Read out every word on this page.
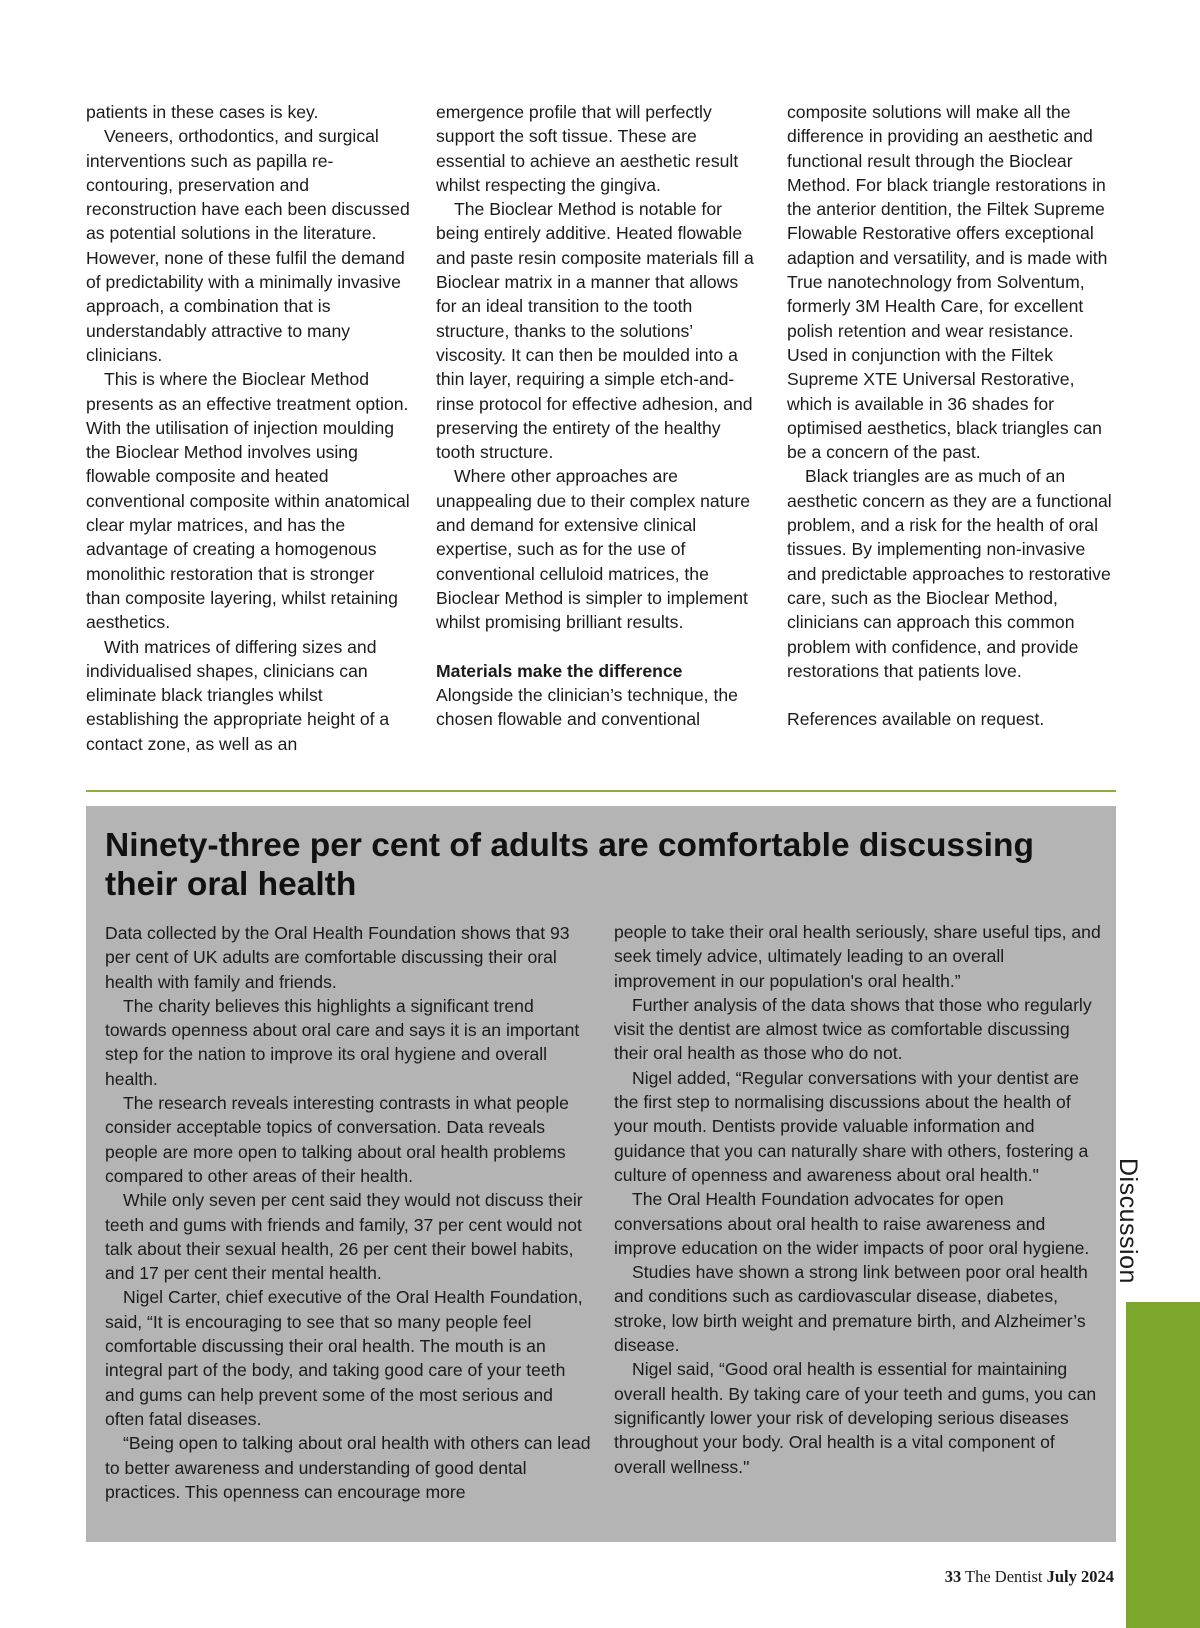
patients in these cases is key.

Veneers, orthodontics, and surgical interventions such as papilla re-contouring, preservation and reconstruction have each been discussed as potential solutions in the literature. However, none of these fulfil the demand of predictability with a minimally invasive approach, a combination that is understandably attractive to many clinicians.

This is where the Bioclear Method presents as an effective treatment option. With the utilisation of injection moulding the Bioclear Method involves using flowable composite and heated conventional composite within anatomical clear mylar matrices, and has the advantage of creating a homogenous monolithic restoration that is stronger than composite layering, whilst retaining aesthetics.

With matrices of differing sizes and individualised shapes, clinicians can eliminate black triangles whilst establishing the appropriate height of a contact zone, as well as an

emergence profile that will perfectly support the soft tissue. These are essential to achieve an aesthetic result whilst respecting the gingiva.

The Bioclear Method is notable for being entirely additive. Heated flowable and paste resin composite materials fill a Bioclear matrix in a manner that allows for an ideal transition to the tooth structure, thanks to the solutions’ viscosity. It can then be moulded into a thin layer, requiring a simple etch-and-rinse protocol for effective adhesion, and preserving the entirety of the healthy tooth structure.

Where other approaches are unappealing due to their complex nature and demand for extensive clinical expertise, such as for the use of conventional celluloid matrices, the Bioclear Method is simpler to implement whilst promising brilliant results.

Materials make the difference

Alongside the clinician’s technique, the chosen flowable and conventional

composite solutions will make all the difference in providing an aesthetic and functional result through the Bioclear Method. For black triangle restorations in the anterior dentition, the Filtek Supreme Flowable Restorative offers exceptional adaption and versatility, and is made with True nanotechnology from Solventum, formerly 3M Health Care, for excellent polish retention and wear resistance. Used in conjunction with the Filtek Supreme XTE Universal Restorative, which is available in 36 shades for optimised aesthetics, black triangles can be a concern of the past.

Black triangles are as much of an aesthetic concern as they are a functional problem, and a risk for the health of oral tissues. By implementing non-invasive and predictable approaches to restorative care, such as the Bioclear Method, clinicians can approach this common problem with confidence, and provide restorations that patients love.

References available on request.

Ninety-three per cent of adults are comfortable discussing their oral health

Data collected by the Oral Health Foundation shows that 93 per cent of UK adults are comfortable discussing their oral health with family and friends.

The charity believes this highlights a significant trend towards openness about oral care and says it is an important step for the nation to improve its oral hygiene and overall health.

The research reveals interesting contrasts in what people consider acceptable topics of conversation. Data reveals people are more open to talking about oral health problems compared to other areas of their health.

While only seven per cent said they would not discuss their teeth and gums with friends and family, 37 per cent would not talk about their sexual health, 26 per cent their bowel habits, and 17 per cent their mental health.

Nigel Carter, chief executive of the Oral Health Foundation, said, “It is encouraging to see that so many people feel comfortable discussing their oral health. The mouth is an integral part of the body, and taking good care of your teeth and gums can help prevent some of the most serious and often fatal diseases.

“Being open to talking about oral health with others can lead to better awareness and understanding of good dental practices. This openness can encourage more

people to take their oral health seriously, share useful tips, and seek timely advice, ultimately leading to an overall improvement in our population's oral health.”

Further analysis of the data shows that those who regularly visit the dentist are almost twice as comfortable discussing their oral health as those who do not.

Nigel added, “Regular conversations with your dentist are the first step to normalising discussions about the health of your mouth. Dentists provide valuable information and guidance that you can naturally share with others, fostering a culture of openness and awareness about oral health."

The Oral Health Foundation advocates for open conversations about oral health to raise awareness and improve education on the wider impacts of poor oral hygiene.

Studies have shown a strong link between poor oral health and conditions such as cardiovascular disease, diabetes, stroke, low birth weight and premature birth, and Alzheimer’s disease.

Nigel said, “Good oral health is essential for maintaining overall health. By taking care of your teeth and gums, you can significantly lower your risk of developing serious diseases throughout your body. Oral health is a vital component of overall wellness."

Discussion
33 The Dentist July 2024
